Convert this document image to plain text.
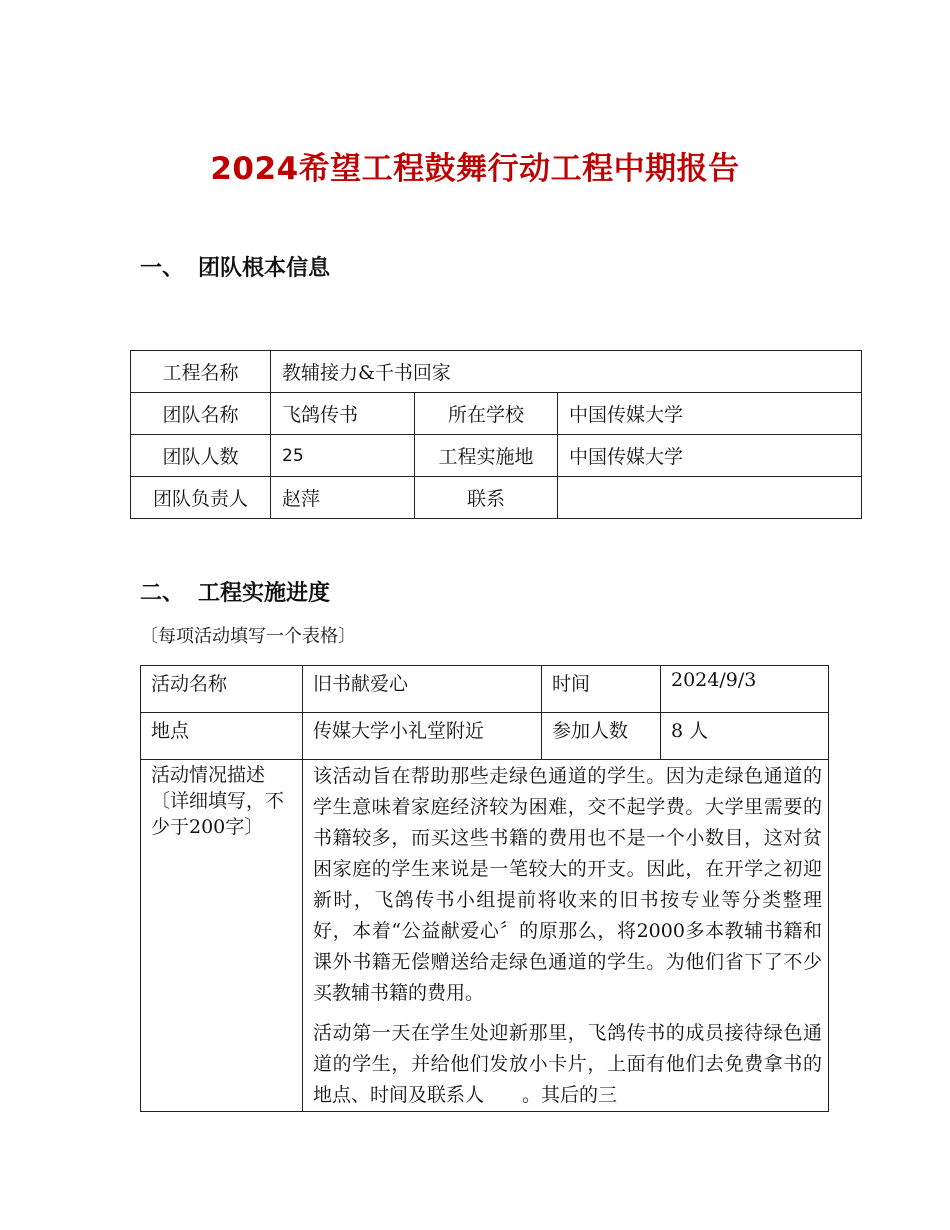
2024希望工程鼓舞行动工程中期报告
一、 团队根本信息
工程名称	教辅接力&千书回家		
团队名称	飞鸽传书	所在学校	中国传媒大学
团队人数	25	工程实施地	中国传媒大学
团队负责人	赵萍	联系	
二、 工程实施进度
〔每项活动填写一个表格〕
活动名称	旧书献爱心	时间	2024/9/3
地点	传媒大学小礼堂附近	参加人数	8 人
活动情况描述〔详细填写，不少于200字〕	该活动旨在帮助那些走绿色通道的学生。因为走绿色通道的学生意味着家庭经济较为困难，交不起学费。大学里需要的书籍较多，而买这些书籍的费用也不是一个小数目，这对贫困家庭的学生来说是一笔较大的开支。因此，在开学之初迎新时，飞鸽传书小组提前将收来的旧书按专业等分类整理好，本着“公益献爱心〞的原那么，将2000多本教辅书籍和课外书籍无偿赠送给走绿色通道的学生。为他们省下了不少买教辅书籍的费用。

活动第一天在学生处迎新那里，飞鸽传书的成员接待绿色通道的学生，并给他们发放小卡片，上面有他们去免费拿书的地点、时间及联系人　　。其后的三		
